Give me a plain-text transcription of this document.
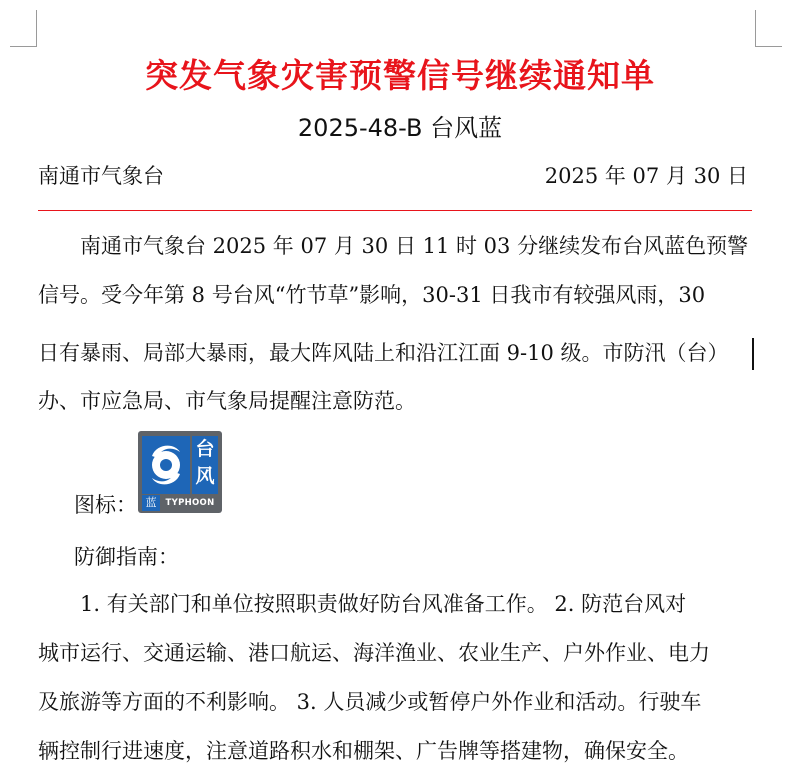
突发气象灾害预警信号继续通知单
2025-48-B 台风蓝
南通市气象台	2025 年 07 月 30 日
　　南通市气象台 2025 年 07 月 30 日 11 时 03 分继续发布台风蓝色预警
信号。受今年第 8 号台风“竹节草”影响，30-31 日我市有较强风雨，30
日有暴雨、局部大暴雨，最大阵风陆上和沿江江面 9-10 级。市防汛（台）
办、市应急局、市气象局提醒注意防范。
图标：
台
风
蓝	TYPHOON
防御指南：
　　1. 有关部门和单位按照职责做好防台风准备工作。 2. 防范台风对
城市运行、交通运输、港口航运、海洋渔业、农业生产、户外作业、电力
及旅游等方面的不利影响。 3. 人员减少或暂停户外作业和活动。行驶车
辆控制行进速度，注意道路积水和棚架、广告牌等搭建物，确保安全。
